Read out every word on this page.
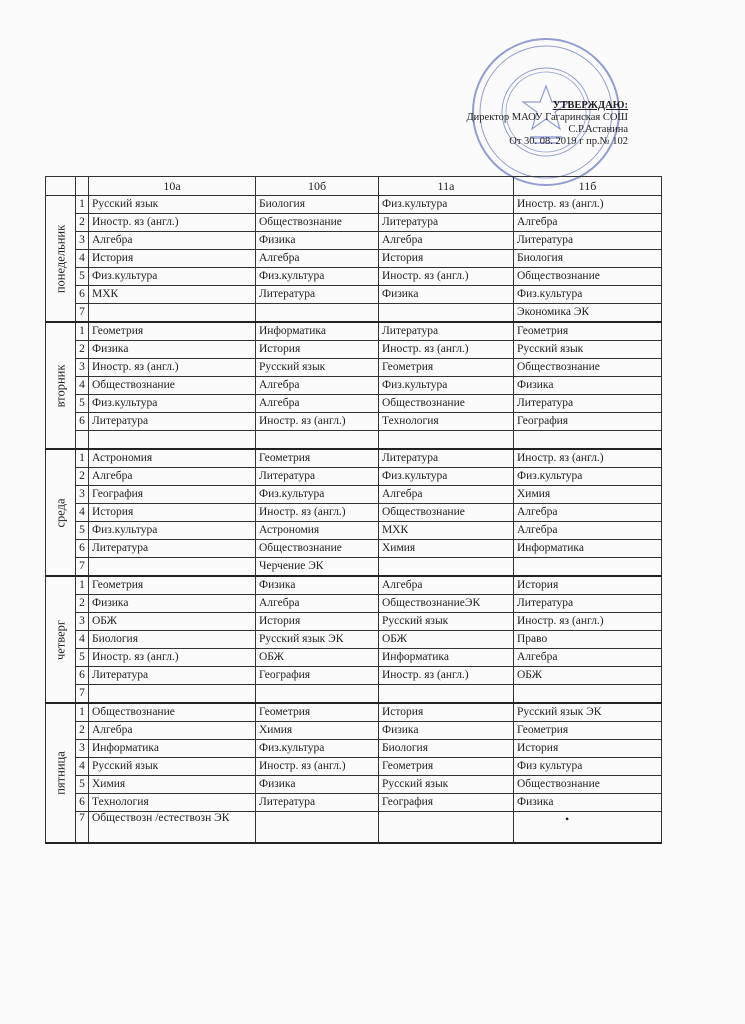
УТВЕРЖДАЮ:
Директор МАОУ Гагаринская СОШ
С.Р.Астанина
От 30. 08. 2019 г пр.№ 102
		10а	10б	11а	11б

понедельник	1	Русский язык	Биология	Физ.культура	Иностр. яз (англ.)
	2	Иностр. яз (англ.)	Обществознание	Литература	Алгебра
	3	Алгебра	Физика	Алгебра	Литература
	4	История	Алгебра	История	Биология
	5	Физ.культура	Физ.культура	Иностр. яз (англ.)	Обществознание
	6	МХК	Литература	Физика	Физ.культура
	7				Экономика ЭК

вторник	1	Геометрия	Информатика	Литература	Геометрия
	2	Физика	История	Иностр. яз (англ.)	Русский язык
	3	Иностр. яз (англ.)	Русский язык	Геометрия	Обществознание
	4	Обществознание	Алгебра	Физ.культура	Физика
	5	Физ.культура	Алгебра	Обществознание	Литература
	6	Литература	Иностр. яз (англ.)	Технология	География

среда	1	Астрономия	Геометрия	Литература	Иностр. яз (англ.)
	2	Алгебра	Литература	Физ.культура	Физ.культура
	3	География	Физ.культура	Алгебра	Химия
	4	История	Иностр. яз (англ.)	Обществознание	Алгебра
	5	Физ.культура	Астрономия	МХК	Алгебра
	6	Литература	Обществознание	Химия	Информатика
	7		Черчение ЭК		

четверг	1	Геометрия	Физика	Алгебра	История
	2	Физика	Алгебра	ОбществознаниеЭК	Литература
	3	ОБЖ	История	Русский язык	Иностр. яз (англ.)
	4	Биология	Русский язык ЭК	ОБЖ	Право
	5	Иностр. яз (англ.)	ОБЖ	Информатика	Алгебра
	6	Литература	География	Иностр. яз (англ.)	ОБЖ
	7				

пятница	1	Обществознание	Геометрия	История	Русский язык ЭК
	2	Алгебра	Химия	Физика	Геометрия
	3	Информатика	Физ.культура	Биология	История
	4	Русский язык	Иностр. яз (англ.)	Геометрия	Физ культура
	5	Химия	Физика	Русский язык	Обществознание
	6	Технология	Литература	География	Физика
	7	Обществозн /естествозн ЭК				•
